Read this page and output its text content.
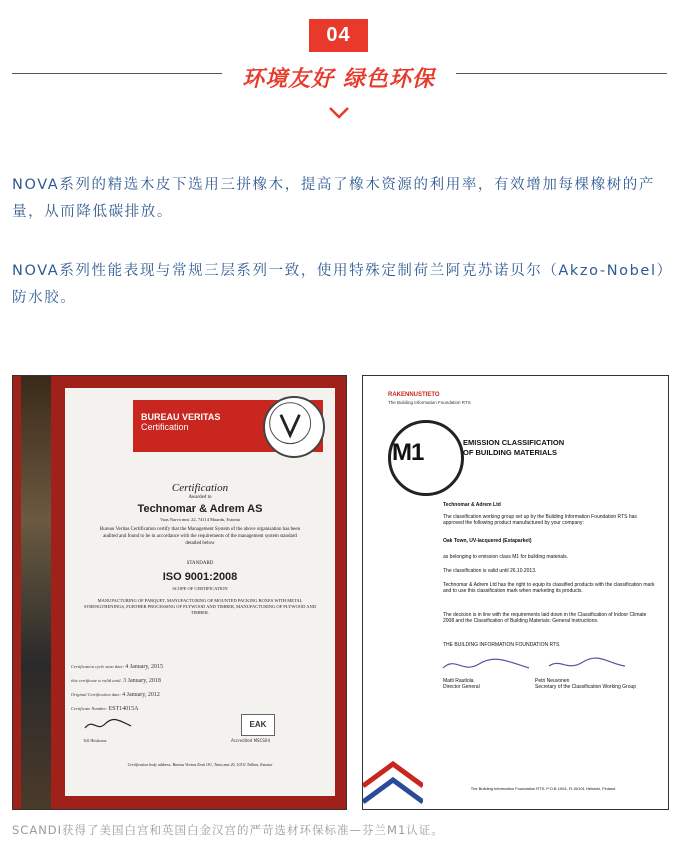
04
环境友好 绿色环保
NOVA系列的精选木皮下选用三拼橡木，提高了橡木资源的利用率，有效增加每棵橡树的产量，从而降低碳排放。
NOVA系列性能表现与常规三层系列一致，使用特殊定制荷兰阿克苏诺贝尔（Akzo-Nobel）防水胶。
BUREAU VERITAS
Certification
Certification
Awarded to
Technomar & Adrem AS
Vaas Narva mnt. 22, 74114 Maardu, Estonia
Bureau Veritas Certification certify that the Management System of the above organisation has been audited and found to be in accordance with the requirements of the management system standard detailed below
STANDARD
ISO 9001:2008
SCOPE OF CERTIFICATION
MANUFACTURING OF PARQUET, MANUFACTURING OF MOUNTED PACKING BOXES WITH METAL STRENGTHENINGS, FURTHER PROCESSING OF PLYWOOD AND TIMBER, MANUFACTURING OF PLYWOOD AND TIMBER.
Certification cycle start date: 4 January, 2015
this certificate is valid until: 3 January, 2018
Original Certification date: 4 January, 2012
Certificate Number: EST14015A
Toll Hiiukoma
EAK
Accredited MSCS04
Certification body address: Bureau Veritas Eesti OU, Tartu mnt 20, 10111 Tallinn, Estonia
RAKENNUSTIETO
The Building Information Foundation RTS
M1	EMISSION CLASSIFICATION
OF BUILDING MATERIALS
Technomar & Adrem Ltd
The classification working group set up by the Building Information Foundation RTS has approved the following product manufactured by your company:
Oak Town, UV-lacquered (Estaparket)
as belonging to emission class M1 for building materials.
The classification is valid until 26.10.2013.
Technomar & Adrem Ltd has the right to equip its classified products with the classification mark and to use this classification mark when marketing its products.
The decision is in line with the requirements laid down in the Classification of Indoor Climate 2008 and the Classification of Building Materials: General Instructions.
THE BUILDING INFORMATION FOUNDATION RTS
Matti Rautiola
Director General
Petri Neuvonen
Secretary of the Classification Working Group
The Building Information Foundation RTS, P.O.B 1004, FI-00101 Helsinki, Finland
SCANDI获得了美国白宫和英国白金汉宫的严苛选材环保标准—芬兰M1认证。
